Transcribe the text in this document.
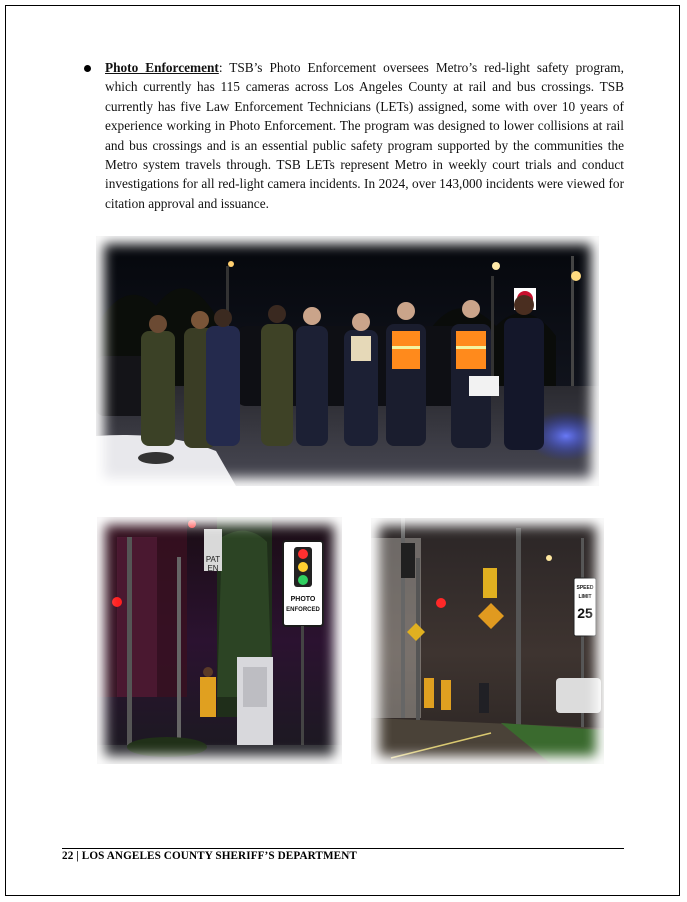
Photo Enforcement: TSB’s Photo Enforcement oversees Metro’s red-light safety program, which currently has 115 cameras across Los Angeles County at rail and bus crossings. TSB currently has five Law Enforcement Technicians (LETs) assigned, some with over 10 years of experience working in Photo Enforcement. The program was designed to lower collisions at rail and bus crossings and is an essential public safety program supported by the communities the Metro system travels through. TSB LETs represent Metro in weekly court trials and conduct investigations for all red-light camera incidents. In 2024, over 143,000 incidents were viewed for citation approval and issuance.
PAT
EN
PHOTO
ENFORCED
SPEED
LIMIT
25
22 | LOS ANGELES COUNTY SHERIFF’S DEPARTMENT
